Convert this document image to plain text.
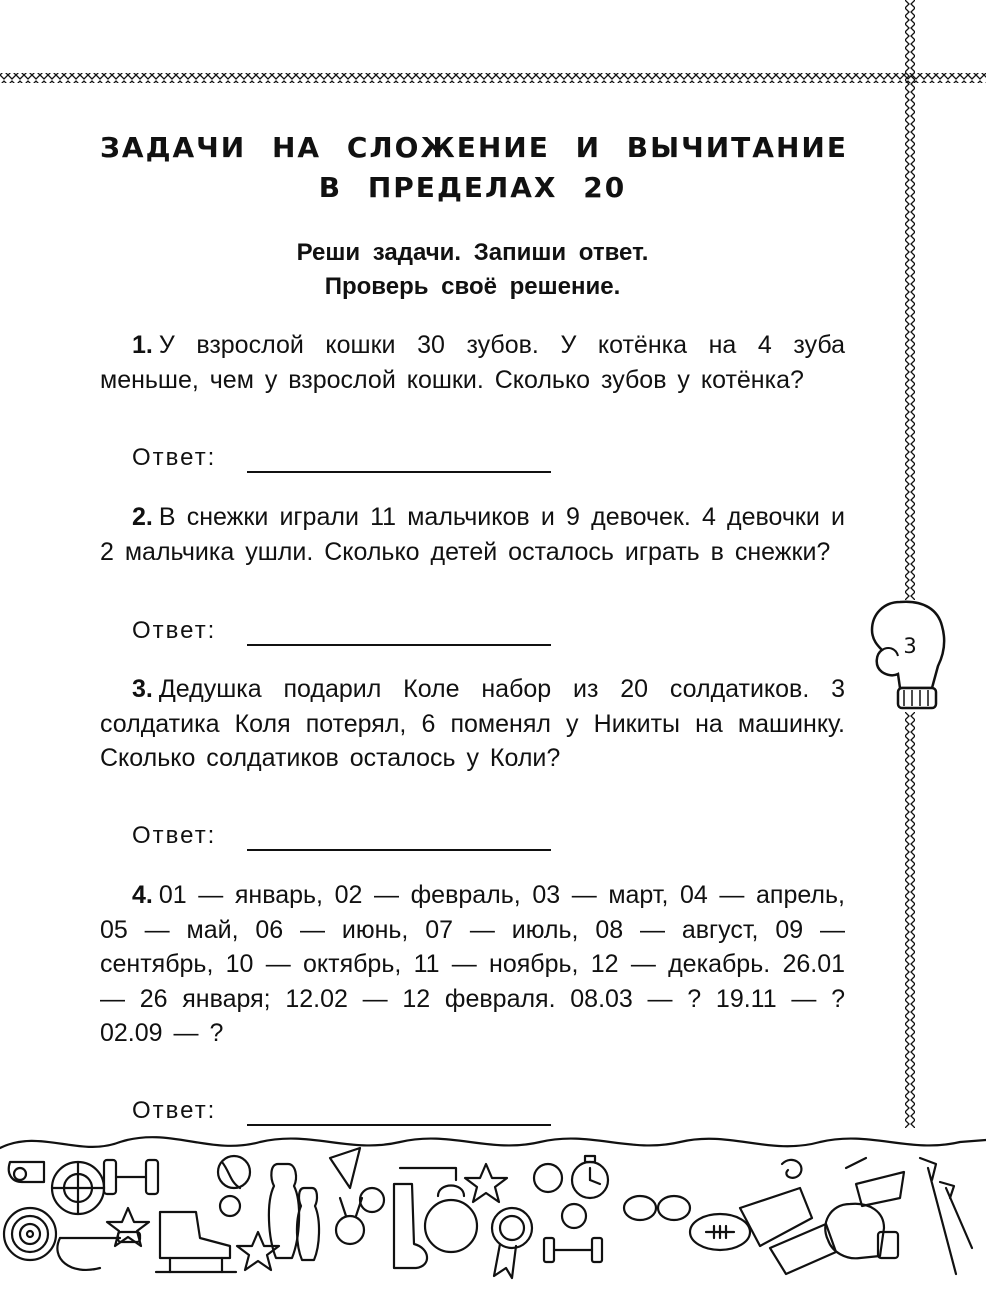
ЗАДАЧИ НА СЛОЖЕНИЕ И ВЫЧИТАНИЕ
В ПРЕДЕЛАХ 20
Реши задачи. Запиши ответ.
Проверь своё решение.
1. У взрослой кошки 30 зубов. У котёнка на 4 зуба меньше, чем у взрослой кошки. Сколько зубов у котёнка?
Ответ:
2. В снежки играли 11 мальчиков и 9 девочек. 4 девочки и 2 мальчика ушли. Сколько детей осталось играть в снежки?
Ответ:
3. Дедушка подарил Коле набор из 20 солдатиков. 3 солдатика Коля потерял, 6 поменял у Никиты на машинку. Сколько солдатиков осталось у Коли?
Ответ:
4. 01 — январь, 02 — февраль, 03 — март, 04 — апрель, 05 — май, 06 — июнь, 07 — июль, 08 — август, 09 — сентябрь, 10 — октябрь, 11 — ноябрь, 12 — декабрь. 26.01 — 26 января; 12.02 — 12 февраля. 08.03 — ? 19.11 — ? 02.09 — ?
Ответ:
3
